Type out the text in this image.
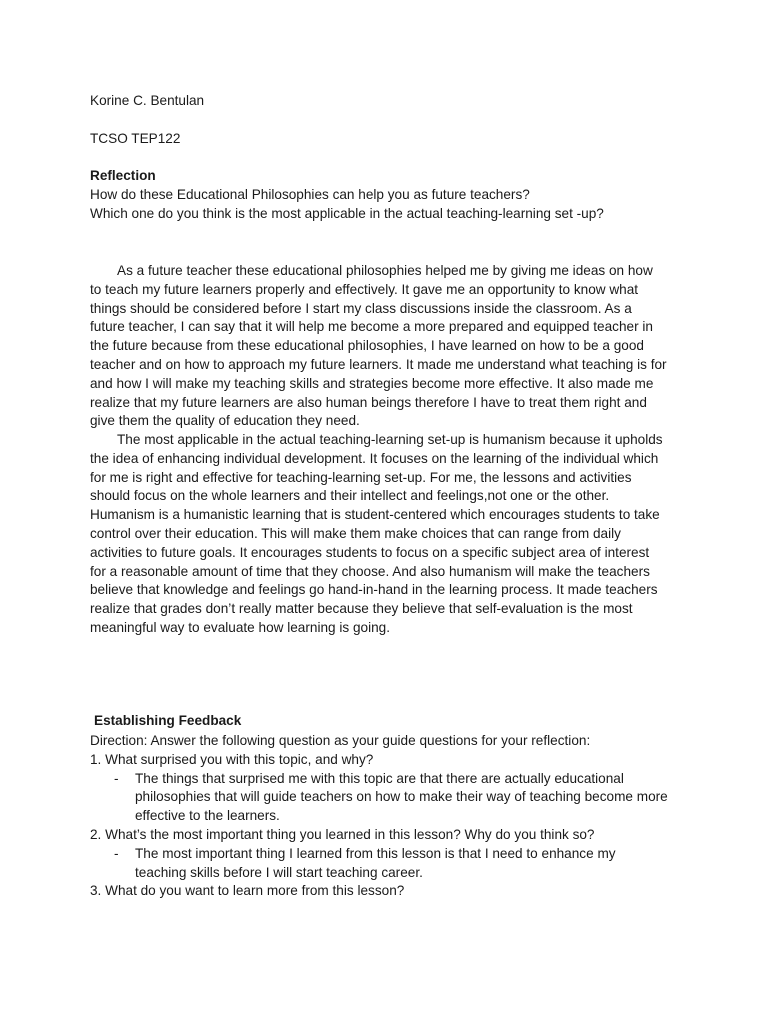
Korine C. Bentulan
TCSO TEP122
Reflection
How do these Educational Philosophies can help you as future teachers?
Which one do you think is the most applicable in the actual teaching-learning set -up?
As a future teacher these educational philosophies helped me by giving me ideas on how
to teach my future learners properly and effectively. It gave me an opportunity to know what
things should be considered before I start my class discussions inside the classroom. As a
future teacher, I can say that it will help me become a more prepared and equipped teacher in
the future because from these educational philosophies, I have learned on how to be a good
teacher and on how to approach my future learners. It made me understand what teaching is for
and how I will make my teaching skills and strategies become more effective. It also made me
realize that my future learners are also human beings therefore I have to treat them right and
give them the quality of education they need.
The most applicable in the actual teaching-learning set-up is humanism because it upholds
the idea of enhancing individual development. It focuses on the learning of the individual which
for me is right and effective for teaching-learning set-up. For me, the lessons and activities
should focus on the whole learners and their intellect and feelings,not one or the other.
Humanism is a humanistic learning that is student-centered which encourages students to take
control over their education. This will make them make choices that can range from daily
activities to future goals. It encourages students to focus on a specific subject area of interest
for a reasonable amount of time that they choose. And also humanism will make the teachers
believe that knowledge and feelings go hand-in-hand in the learning process. It made teachers
realize that grades don’t really matter because they believe that self-evaluation is the most
meaningful way to evaluate how learning is going.
Establishing Feedback
Direction: Answer the following question as your guide questions for your reflection:
1. What surprised you with this topic, and why?
- The things that surprised me with this topic are that there are actually educational
philosophies that will guide teachers on how to make their way of teaching become more
effective to the learners.
2. What’s the most important thing you learned in this lesson? Why do you think so?
- The most important thing I learned from this lesson is that I need to enhance my
teaching skills before I will start teaching career.
3. What do you want to learn more from this lesson?
